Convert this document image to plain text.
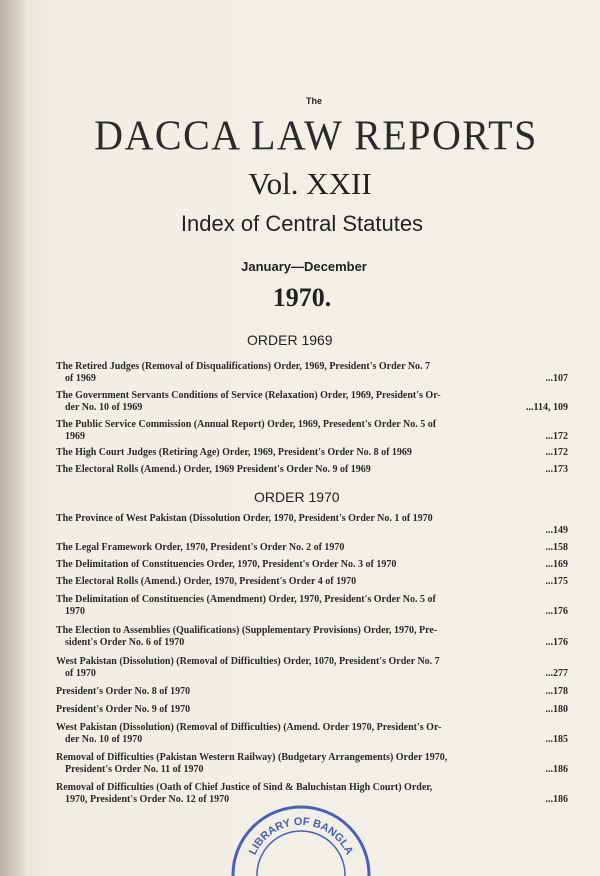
The
DACCA LAW REPORTS
Vol. XXII
Index of Central Statutes
January—December
1970.
ORDER 1969
The Retired Judges (Removal of Disqualifications) Order, 1969, President's Order No. 7
of 1969	...107
The Government Servants Conditions of Service (Relaxation) Order, 1969, President's Or-
der No. 10 of 1969	...114, 109
The Public Service Commission (Annual Report) Order, 1969, Presedent's Order No. 5 of
1969	...172
The High Court Judges (Retiring Age) Order, 1969, President's Order No. 8 of 1969	...172
The Electoral Rolls (Amend.) Order, 1969 President's Order No. 9 of 1969	...173
ORDER 1970
The Province of West Pakistan (Dissolution Order, 1970, President's Order No. 1 of 1970
...149

The Legal Framework Order, 1970, President's Order No. 2 of 1970	...158
The Delimitation of Constituencies Order, 1970, President's Order No. 3 of 1970	...169
The Electoral Rolls (Amend.) Order, 1970, President's Order 4 of 1970	...175
The Delimitation of Constituencies (Amendment) Order, 1970, President's Order No. 5 of
1970	...176
The Election to Assemblies (Qualifications) (Supplementary Provisions) Order, 1970, Pre-
sident's Order No. 6 of 1970	...176
West Pakistan (Dissolution) (Removal of Difficulties) Order, 1070, President's Order No. 7
of 1970	...277
President's Order No. 8 of 1970	...178
President's Order No. 9 of 1970	...180
West Pakistan (Dissolution) (Removal of Difficulties) (Amend. Order 1970, President's Or-
der No. 10 of 1970	...185
Removal of Difficulties (Pakistan Western Railway) (Budgetary Arrangements) Order 1970,
President's Order No. 11 of 1970	...186
Removal of Difficulties (Oath of Chief Justice of Sind & Baluchistan High Court) Order,
1970, President's Order No. 12 of 1970	...186
LIBRARY OF BANGLA
